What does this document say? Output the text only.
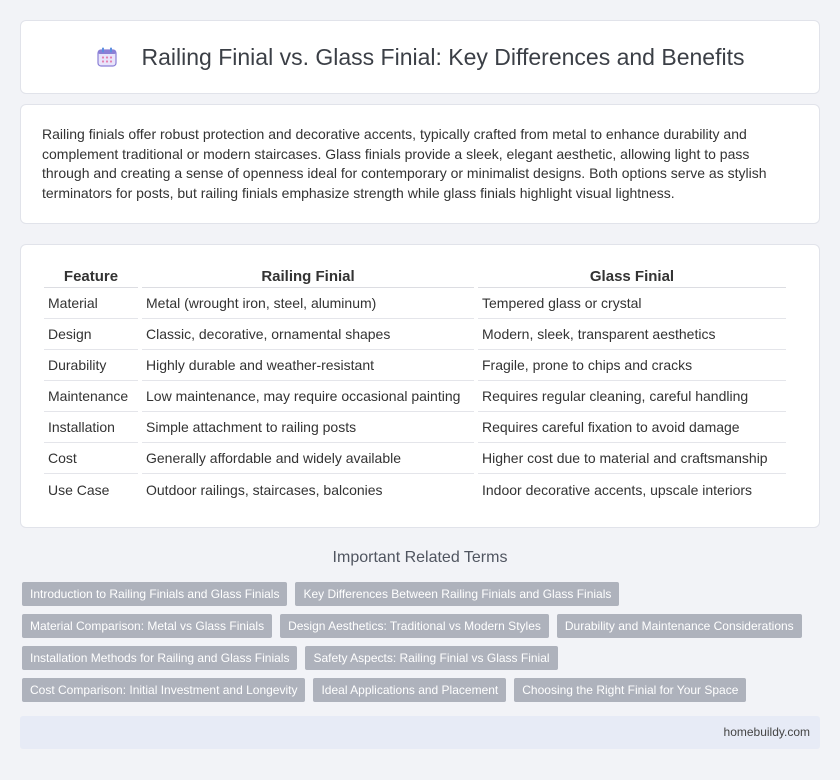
Railing Finial vs. Glass Finial: Key Differences and Benefits

Railing finials offer robust protection and decorative accents, typically crafted from metal to enhance durability and complement traditional or modern staircases. Glass finials provide a sleek, elegant aesthetic, allowing light to pass through and creating a sense of openness ideal for contemporary or minimalist designs. Both options serve as stylish terminators for posts, but railing finials emphasize strength while glass finials highlight visual lightness.

Feature	Railing Finial	Glass Finial
Material	Metal (wrought iron, steel, aluminum)	Tempered glass or crystal
Design	Classic, decorative, ornamental shapes	Modern, sleek, transparent aesthetics
Durability	Highly durable and weather-resistant	Fragile, prone to chips and cracks
Maintenance	Low maintenance, may require occasional painting	Requires regular cleaning, careful handling
Installation	Simple attachment to railing posts	Requires careful fixation to avoid damage
Cost	Generally affordable and widely available	Higher cost due to material and craftsmanship
Use Case	Outdoor railings, staircases, balconies	Indoor decorative accents, upscale interiors
Important Related Terms
Introduction to Railing Finials and Glass Finials	Key Differences Between Railing Finials and Glass Finials
Material Comparison: Metal vs Glass Finials	Design Aesthetics: Traditional vs Modern Styles	Durability and Maintenance Considerations
Installation Methods for Railing and Glass Finials	Safety Aspects: Railing Finial vs Glass Finial
Cost Comparison: Initial Investment and Longevity	Ideal Applications and Placement	Choosing the Right Finial for Your Space
homebuildy.com
